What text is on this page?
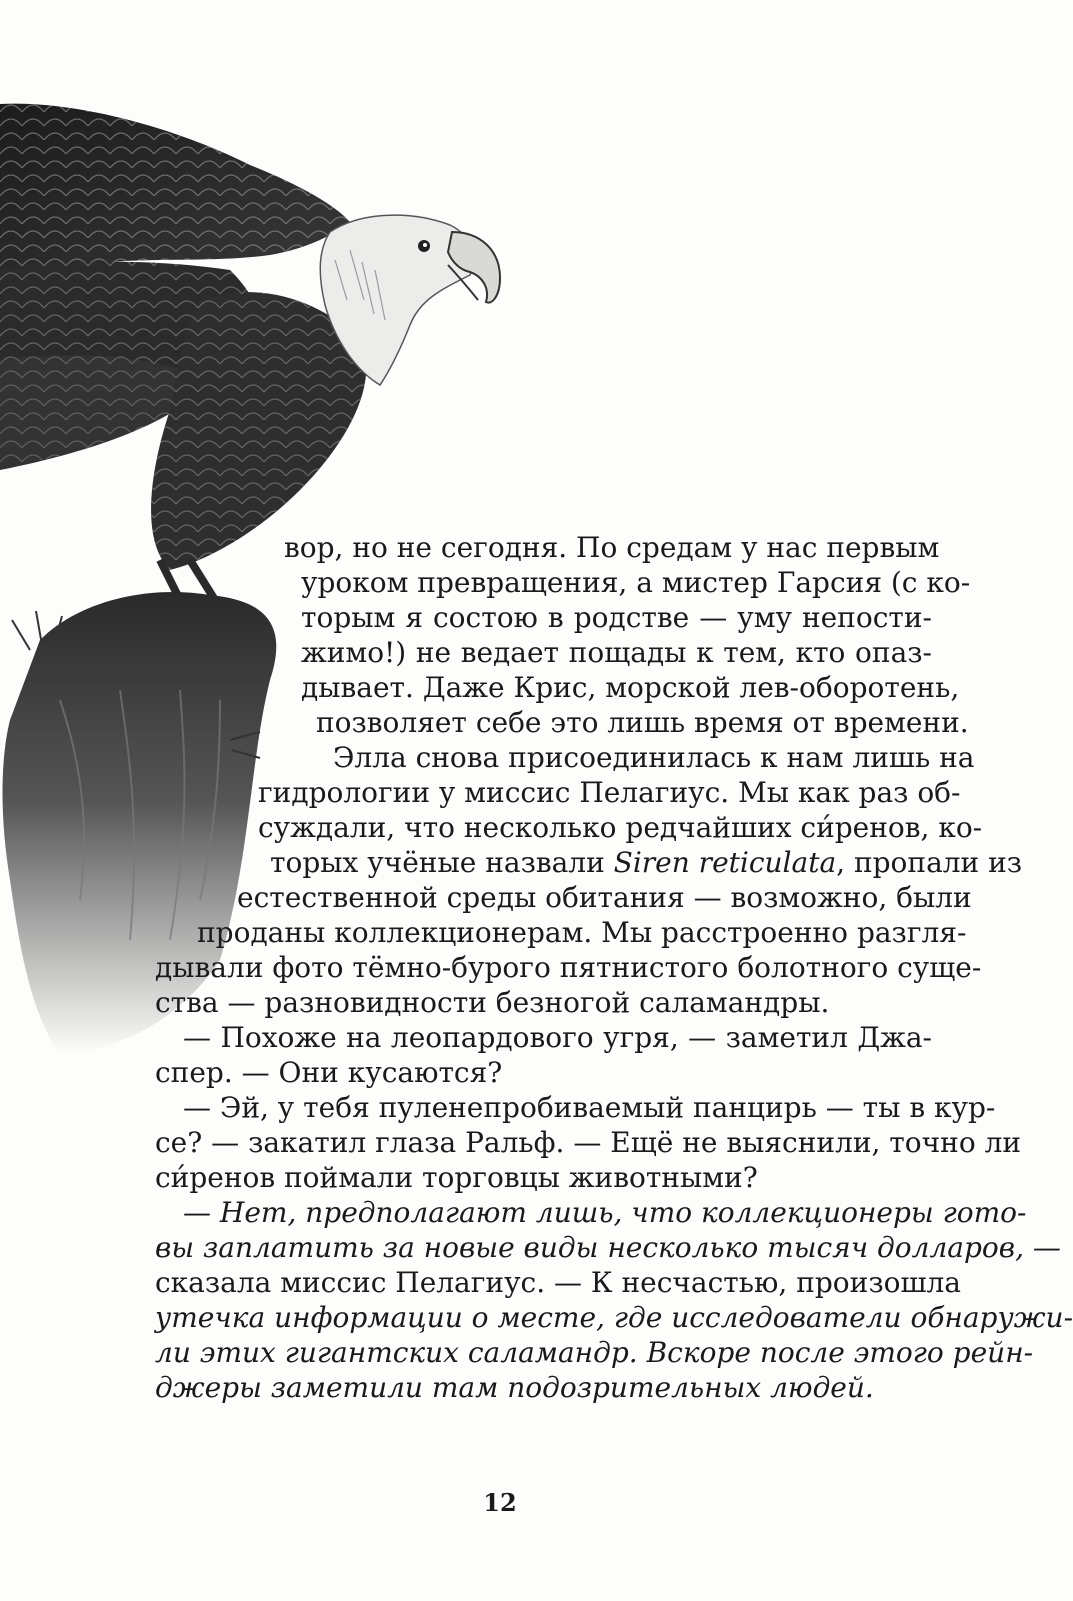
вор, но не сегодня. По средам у нас первым
уроком превращения, а мистер Гарсия (с ко-
торым я состою в родстве — уму непости-
жимо!) не ведает пощады к тем, кто опаз-
дывает. Даже Крис, морской лев-оборотень,
позволяет себе это лишь время от времени.
Элла снова присоединилась к нам лишь на
гидрологии у миссис Пелагиус. Мы как раз об-
суждали, что несколько редчайших си́ренов, ко-
торых учёные назвали Siren reticulata, пропали из
естественной среды обитания — возможно, были
проданы коллекционерам. Мы расстроенно разгля-
дывали фото тёмно-бурого пятнистого болотного суще-
ства — разновидности безногой саламандры.
— Похоже на леопардового угря, — заметил Джа-
спер. — Они кусаются?
— Эй, у тебя пуленепробиваемый панцирь — ты в кур-
се? — закатил глаза Ральф. — Ещё не выяснили, точно ли
си́ренов поймали торговцы животными?
— Нет, предполагают лишь, что коллекционеры гото-
вы заплатить за новые виды несколько тысяч долларов, —
сказала миссис Пелагиус. — К несчастью, произошла
утечка информации о месте, где исследователи обнаружи-
ли этих гигантских саламандр. Вскоре после этого рейн-
джеры заметили там подозрительных людей.
12
